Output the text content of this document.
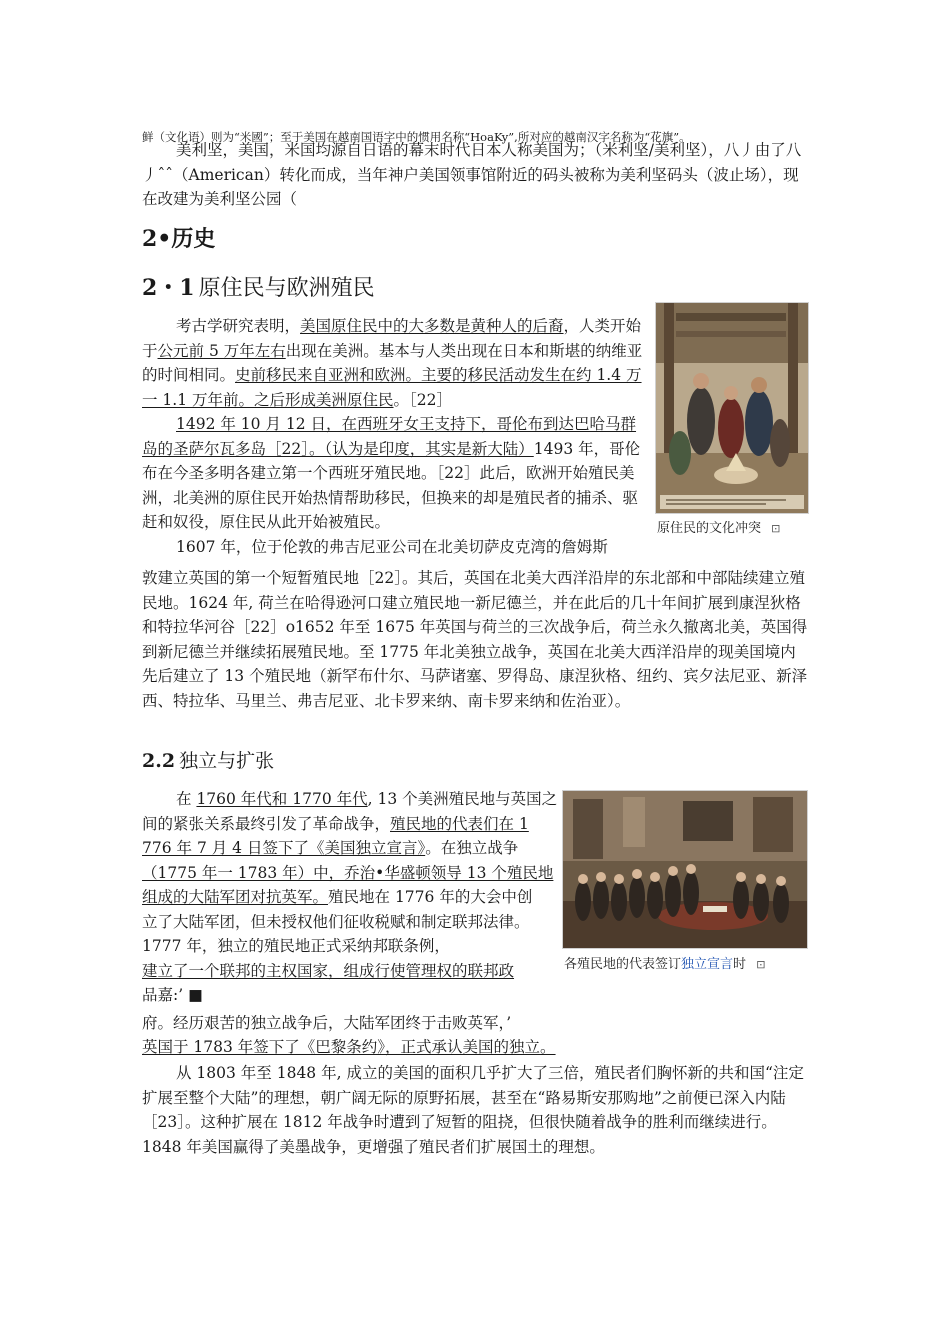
鲜（文化语）则为“米國”；至于美国在越南国语字中的惯用名称“HoaKy”,所对应的越南汉字名称为“花旗”。

美利坚，美国，米国均源自日语的幕末时代日本人称美国为；（米利坚/美利坚），八丿由了八丿ˆˆ（American）转化而成，当年神户美国领事馆附近的码头被称为美利坚码头（波止场），现在改建为美利坚公园（

2•历史
2・1 原住民与欧洲殖民

考古学研究表明，美国原住民中的大多数是黄种人的后裔，人类开始于公元前 5 万年左右出现在美洲。基本与人类出现在日本和斯堪的纳维亚的时间相同。史前移民来自亚洲和欧洲。主要的移民活动发生在约 1.4 万一 1.1 万年前。之后形成美洲原住民。［22］

1492 年 10 月 12 日，在西班牙女王支持下，哥伦布到达巴哈马群岛的圣萨尔瓦多岛［22］。（认为是印度，其实是新大陆）1493 年，哥伦布在今圣多明各建立第一个西班牙殖民地。［22］此后，欧洲开始殖民美洲，北美洲的原住民开始热情帮助移民，但换来的却是殖民者的捕杀、驱赶和奴役，原住民从此开始被殖民。

1607 年，位于伦敦的弗吉尼亚公司在北美切萨皮克湾的詹姆斯

敦建立英国的第一个短暂殖民地［22］。其后，英国在北美大西洋沿岸的东北部和中部陆续建立殖民地。1624 年, 荷兰在哈得逊河口建立殖民地一新尼德兰，并在此后的几十年间扩展到康涅狄格和特拉华河谷［22］o1652 年至 1675 年英国与荷兰的三次战争后，荷兰永久撤离北美，英国得到新尼德兰并继续拓展殖民地。至 1775 年北美独立战争，英国在北美大西洋沿岸的现美国境内先后建立了 13 个殖民地（新罕布什尔、马萨诸塞、罗得岛、康涅狄格、纽约、宾夕法尼亚、新泽西、特拉华、马里兰、弗吉尼亚、北卡罗来纳、南卡罗来纳和佐治亚）。

原住民的文化冲突 ⊡
2.2 独立与扩张

在 1760 年代和 1770 年代, 13 个美洲殖民地与英国之

间的紧张关系最终引发了革命战争，殖民地的代表们在 1

776 年 7 月 4 日签下了《美国独立宣言》。在独立战争

（1775 年一 1783 年）中，乔治•华盛顿领导 13 个殖民地

组成的大陆军团对抗英军。殖民地在 1776 年的大会中创

立了大陆军团，但未授权他们征收税赋和制定联邦法律。

1777 年，独立的殖民地正式采纳邦联条例，

建立了一个联邦的主权国家，组成行使管理权的联邦政

品嘉:’ ■

府。经历艰苦的独立战争后，大陆军团终于击败英军，’

英国于 1783 年签下了《巴黎条约》，正式承认美国的独立。

从 1803 年至 1848 年, 成立的美国的面积几乎扩大了三倍，殖民者们胸怀新的共和国“注定扩展至整个大陆”的理想，朝广阔无际的原野拓展，甚至在“路易斯安那购地”之前便已深入内陆［23］。这种扩展在 1812 年战争时遭到了短暂的阻挠，但很快随着战争的胜利而继续进行。1848 年美国赢得了美墨战争，更增强了殖民者们扩展国土的理想。

各殖民地的代表签订独立宣言时 ⊡
